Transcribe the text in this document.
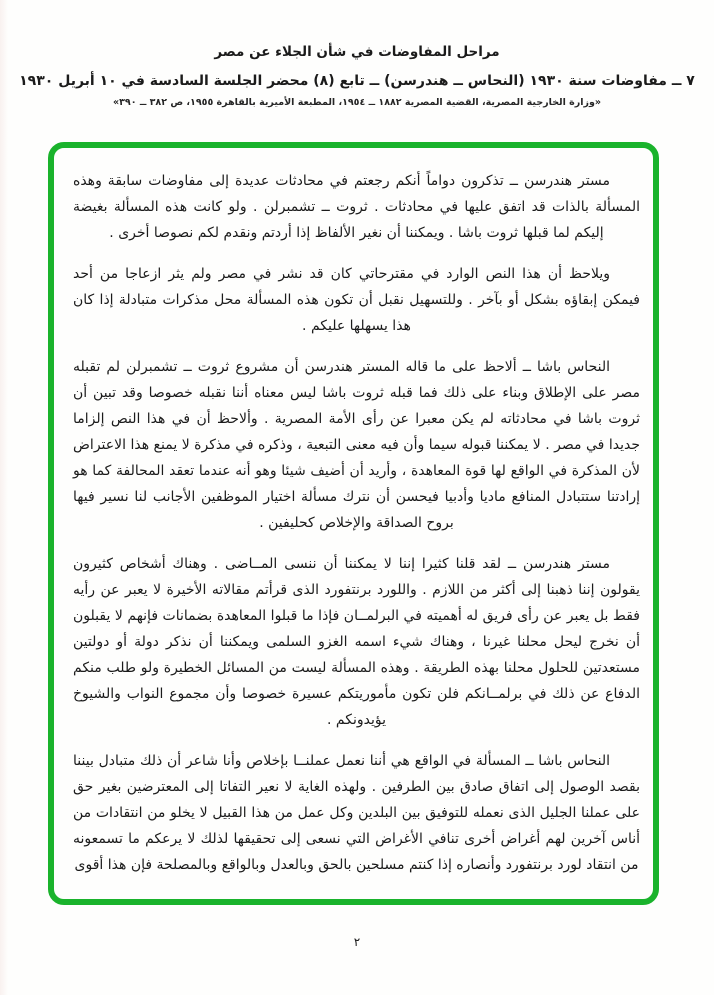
مراحل المفاوضات في شأن الجلاء عن مصر
٧ ــ مفاوضات سنة ١٩٣٠ (النحاس ــ هندرسن) ــ تابع (٨) محضر الجلسة السادسة في ١٠ أبريل ١٩٣٠
«وزارة الخارجية المصرية، القضية المصرية ١٨٨٢ ــ ١٩٥٤، المطبعة الأميرية بالقاهرة ١٩٥٥، ص ٣٨٢ ــ ٣٩٠»

مستر هندرسن ــ تذكرون دواماً أنكم رجعتم في محادثات عديدة إلى مفاوضات سابقة وهذه المسألة بالذات قد اتفق عليها في محادثات . ثروت ــ تشمبرلن . ولو كانت هذه المسألة بغيضة إليكم لما قبلها ثروت باشا . ويمكننا أن نغير الألفاظ إذا أردتم ونقدم لكم نصوصا أخرى .

ويلاحظ أن هذا النص الوارد في مقترحاتي كان قد نشر في مصر ولم يثر ازعاجا من أحد فيمكن إبقاؤه بشكل أو بآخر . وللتسهيل نقبل أن تكون هذه المسألة محل مذكرات متبادلة إذا كان هذا يسهلها عليكم .

النحاس باشا ــ ألاحظ على ما قاله المستر هندرسن أن مشروع ثروت ــ تشمبرلن لم تقبله مصر على الإطلاق وبناء على ذلك فما قبله ثروت باشا ليس معناه أننا نقبله خصوصا وقد تبين أن ثروت باشا في محادثاته لم يكن معبرا عن رأى الأمة المصرية . وألاحظ أن في هذا النص إلزاما جديدا في مصر . لا يمكننا قبوله سيما وأن فيه معنى التبعية ، وذكره في مذكرة لا يمنع هذا الاعتراض لأن المذكرة في الواقع لها قوة المعاهدة ، وأريد أن أضيف شيئا وهو أنه عندما تعقد المحالفة كما هو إرادتنا ستتبادل المنافع ماديا وأدبيا فيحسن أن نترك مسألة اختيار الموظفين الأجانب لنا نسير فيها بروح الصداقة والإخلاص كحليفين .

مستر هندرسن ــ لقد قلنا كثيرا إننا لا يمكننا أن ننسى المــاضى . وهناك أشخاص كثيرون يقولون إننا ذهبنا إلى أكثر من اللازم . واللورد برنتفورد الذى قرأتم مقالاته الأخيرة لا يعبر عن رأيه فقط بل يعبر عن رأى فريق له أهميته في البرلمــان فإذا ما قبلوا المعاهدة بضمانات فإنهم لا يقبلون أن نخرج ليحل محلنا غيرنا ، وهناك شيء اسمه الغزو السلمى ويمكننا أن نذكر دولة أو دولتين مستعدتين للحلول محلنا بهذه الطريقة . وهذه المسألة ليست من المسائل الخطيرة ولو طلب منكم الدفاع عن ذلك في برلمــانكم فلن تكون مأموريتكم عسيرة خصوصا وأن مجموع النواب والشيوخ يؤيدونكم .

النحاس باشا ــ المسألة في الواقع هي أننا نعمل عملنــا بإخلاص وأنا شاعر أن ذلك متبادل بيننا بقصد الوصول إلى اتفاق صادق بين الطرفين . ولهذه الغاية لا نعير التفاتا إلى المعترضين بغير حق على عملنا الجليل الذى نعمله للتوفيق بين البلدين وكل عمل من هذا القبيل لا يخلو من انتقادات من أناس آخرين لهم أغراض أخرى تنافي الأغراض التي نسعى إلى تحقيقها لذلك لا يرعكم ما تسمعونه من انتقاد لورد برنتفورد وأنصاره إذا كنتم مسلحين بالحق وبالعدل وبالواقع وبالمصلحة فإن هذا أقوى

٢
